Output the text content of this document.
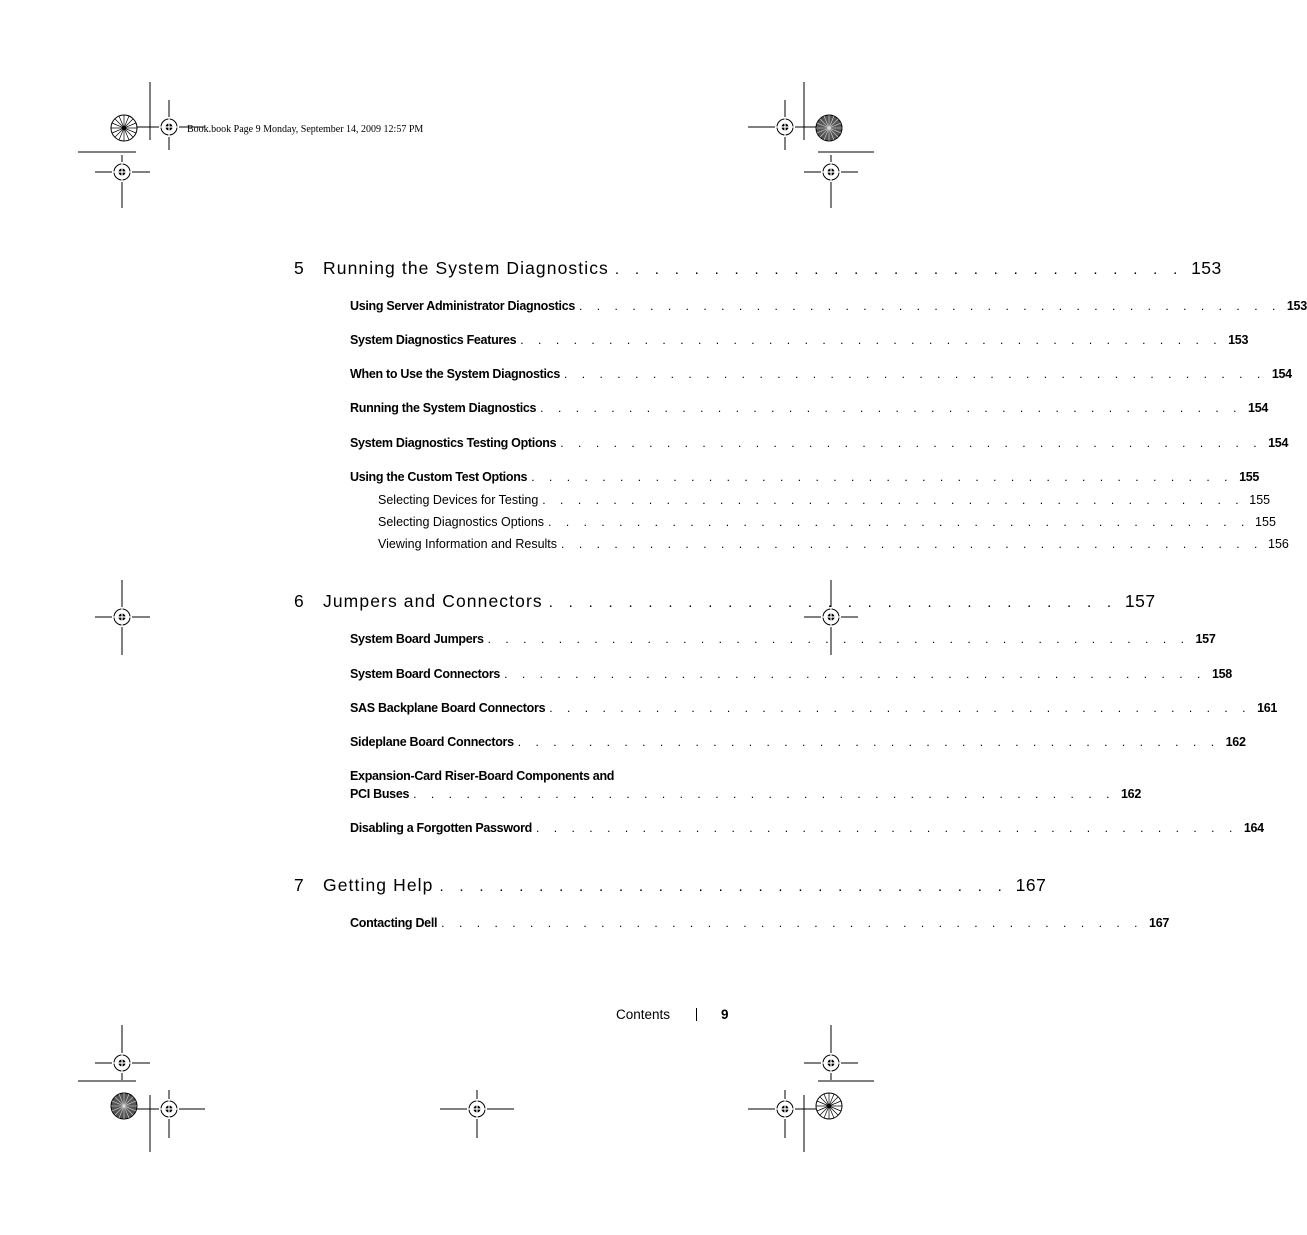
Book.book Page 9 Monday, September 14, 2009 12:57 PM
5	Running the System Diagnostics . . . . . . . . . . . . . . . . . . . . . . . . . . . . . 153
Using Server Administrator Diagnostics . . . . . . . . . . . . . . . . . . . . . . . . . . . . . . . . . . . . . . . . 153
System Diagnostics Features . . . . . . . . . . . . . . . . . . . . . . . . . . . . . . . . . . . . . . . . 153
When to Use the System Diagnostics . . . . . . . . . . . . . . . . . . . . . . . . . . . . . . . . . . . . . . . . 154
Running the System Diagnostics . . . . . . . . . . . . . . . . . . . . . . . . . . . . . . . . . . . . . . . . 154
System Diagnostics Testing Options . . . . . . . . . . . . . . . . . . . . . . . . . . . . . . . . . . . . . . . . 154
Using the Custom Test Options . . . . . . . . . . . . . . . . . . . . . . . . . . . . . . . . . . . . . . . . 155
Selecting Devices for Testing . . . . . . . . . . . . . . . . . . . . . . . . . . . . . . . . . . . . . . . . 155
Selecting Diagnostics Options . . . . . . . . . . . . . . . . . . . . . . . . . . . . . . . . . . . . . . . . 155
Viewing Information and Results . . . . . . . . . . . . . . . . . . . . . . . . . . . . . . . . . . . . . . . . 156
6	Jumpers and Connectors . . . . . . . . . . . . . . . . . . . . . . . . . . . . . 157
System Board Jumpers . . . . . . . . . . . . . . . . . . . . . . . . . . . . . . . . . . . . . . . . 157
System Board Connectors . . . . . . . . . . . . . . . . . . . . . . . . . . . . . . . . . . . . . . . . 158
SAS Backplane Board Connectors . . . . . . . . . . . . . . . . . . . . . . . . . . . . . . . . . . . . . . . . 161
Sideplane Board Connectors . . . . . . . . . . . . . . . . . . . . . . . . . . . . . . . . . . . . . . . . 162
Expansion-Card Riser-Board Components and
PCI Buses . . . . . . . . . . . . . . . . . . . . . . . . . . . . . . . . . . . . . . . . 162
Disabling a Forgotten Password . . . . . . . . . . . . . . . . . . . . . . . . . . . . . . . . . . . . . . . . 164
7	Getting Help . . . . . . . . . . . . . . . . . . . . . . . . . . . . . 167
Contacting Dell . . . . . . . . . . . . . . . . . . . . . . . . . . . . . . . . . . . . . . . . 167
Contents	9
